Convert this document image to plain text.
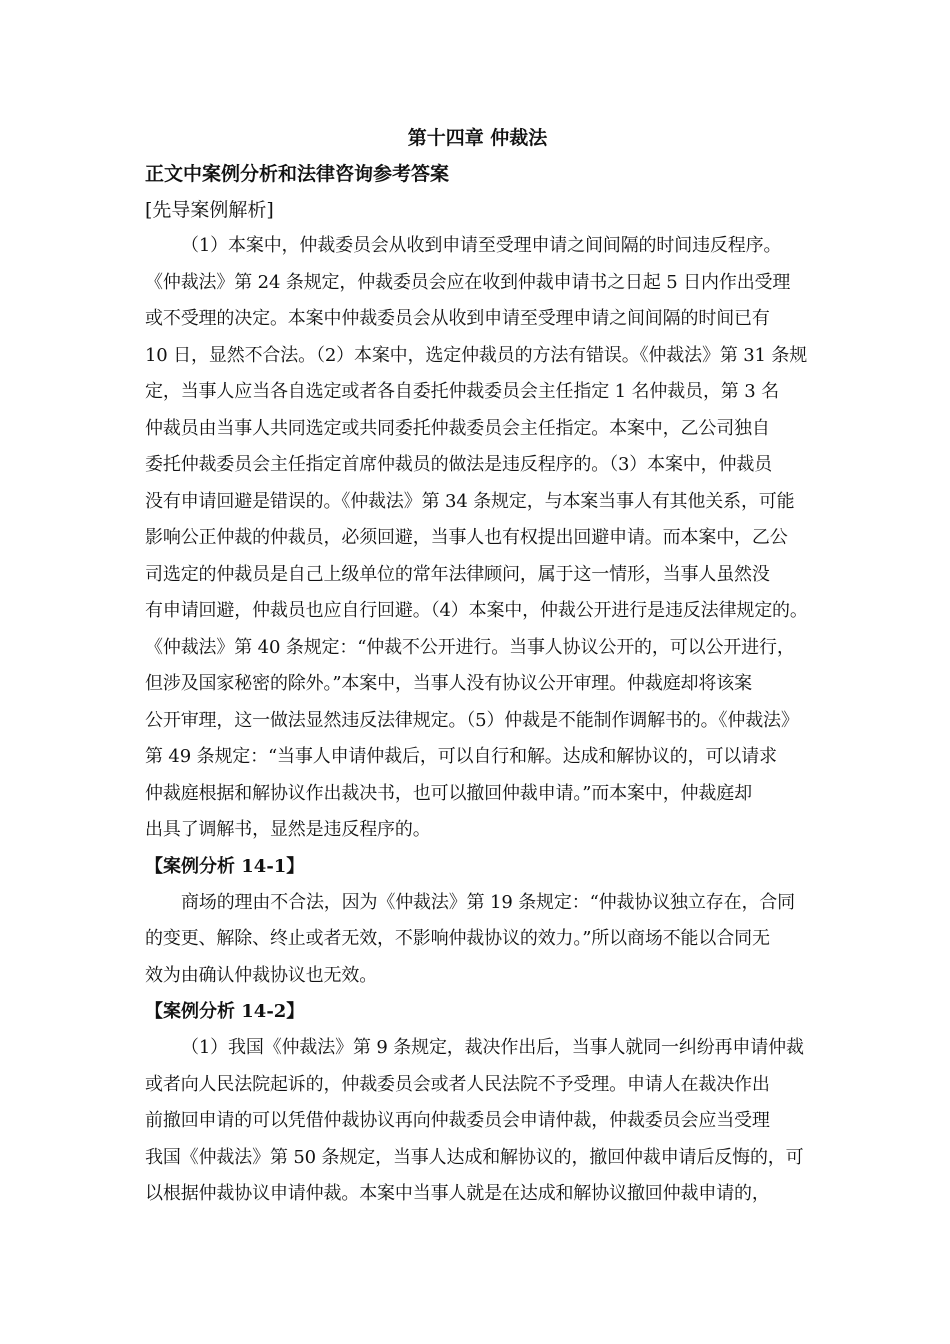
第十四章 仲裁法
正文中案例分析和法律咨询参考答案
[先导案例解析]
（1）本案中，仲裁委员会从收到申请至受理申请之间间隔的时间违反程序。
《仲裁法》第 24 条规定，仲裁委员会应在收到仲裁申请书之日起 5 日内作出受理
或不受理的决定。本案中仲裁委员会从收到申请至受理申请之间间隔的时间已有
10 日，显然不合法。（2）本案中，选定仲裁员的方法有错误。《仲裁法》第 31 条规
定，当事人应当各自选定或者各自委托仲裁委员会主任指定 1 名仲裁员，第 3 名
仲裁员由当事人共同选定或共同委托仲裁委员会主任指定。本案中，乙公司独自
委托仲裁委员会主任指定首席仲裁员的做法是违反程序的。（3）本案中，仲裁员
没有申请回避是错误的。《仲裁法》第 34 条规定，与本案当事人有其他关系，可能
影响公正仲裁的仲裁员，必须回避，当事人也有权提出回避申请。而本案中，乙公
司选定的仲裁员是自己上级单位的常年法律顾问，属于这一情形，当事人虽然没
有申请回避，仲裁员也应自行回避。（4）本案中，仲裁公开进行是违反法律规定的。
《仲裁法》第 40 条规定：“仲裁不公开进行。当事人协议公开的，可以公开进行，
但涉及国家秘密的除外。”本案中，当事人没有协议公开审理。仲裁庭却将该案
公开审理，这一做法显然违反法律规定。（5）仲裁是不能制作调解书的。《仲裁法》
第 49 条规定：“当事人申请仲裁后，可以自行和解。达成和解协议的，可以请求
仲裁庭根据和解协议作出裁决书，也可以撤回仲裁申请。”而本案中，仲裁庭却
出具了调解书，显然是违反程序的。
【案例分析 14-1】
商场的理由不合法，因为《仲裁法》第 19 条规定：“仲裁协议独立存在，合同
的变更、解除、终止或者无效，不影响仲裁协议的效力。”所以商场不能以合同无
效为由确认仲裁协议也无效。
【案例分析 14-2】
（1）我国《仲裁法》第 9 条规定，裁决作出后，当事人就同一纠纷再申请仲裁
或者向人民法院起诉的，仲裁委员会或者人民法院不予受理。申请人在裁决作出
前撤回申请的可以凭借仲裁协议再向仲裁委员会申请仲裁，仲裁委员会应当受理
我国《仲裁法》第 50 条规定，当事人达成和解协议的，撤回仲裁申请后反悔的，可
以根据仲裁协议申请仲裁。本案中当事人就是在达成和解协议撤回仲裁申请的，
